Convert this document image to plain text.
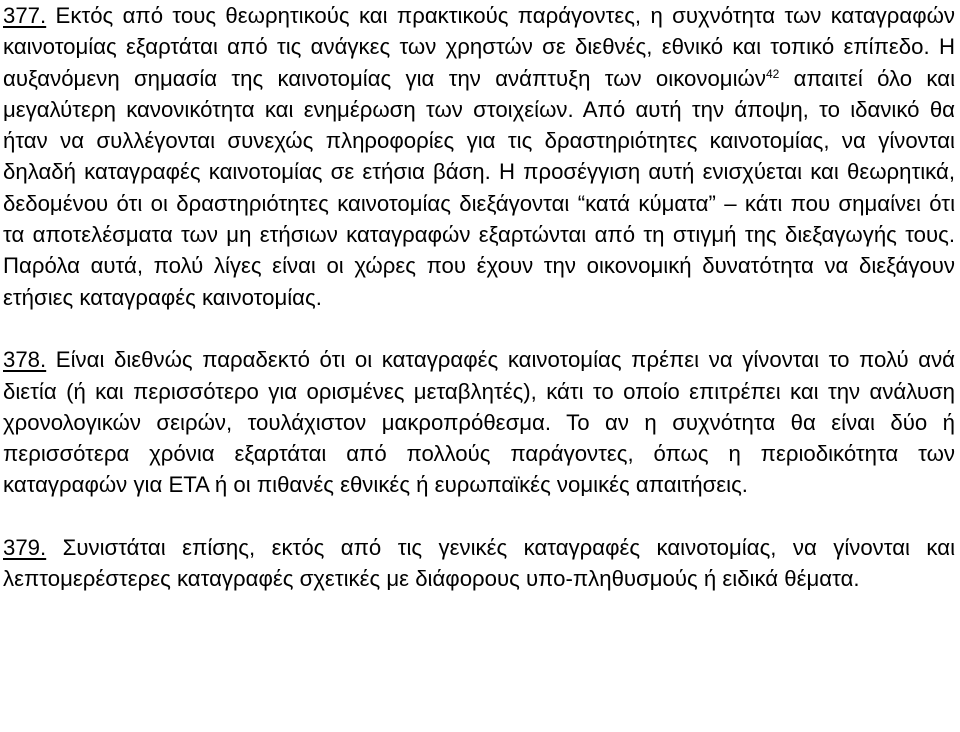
377. Εκτός από τους θεωρητικούς και πρακτικούς παράγοντες, η συχνότητα των καταγραφών καινοτομίας εξαρτάται από τις ανάγκες των χρηστών σε διεθνές, εθνικό και τοπικό επίπεδο. Η αυξανόμενη σημασία της καινοτομίας για την ανάπτυξη των οικονομιών$^{42}$ απαιτεί όλο και μεγαλύτερη κανονικότητα και ενημέρωση των στοιχείων. Από αυτή την άποψη, το ιδανικό θα ήταν να συλλέγονται συνεχώς πληροφορίες για τις δραστηριότητες καινοτομίας, να γίνονται δηλαδή καταγραφές καινοτομίας σε ετήσια βάση. Η προσέγγιση αυτή ενισχύεται και θεωρητικά, δεδομένου ότι οι δραστηριότητες καινοτομίας διεξάγονται “κατά κύματα” – κάτι που σημαίνει ότι τα αποτελέσματα των μη ετήσιων καταγραφών εξαρτώνται από τη στιγμή της διεξαγωγής τους. Παρόλα αυτά, πολύ λίγες είναι οι χώρες που έχουν την οικονομική δυνατότητα να διεξάγουν ετήσιες καταγραφές καινοτομίας.

378. Είναι διεθνώς παραδεκτό ότι οι καταγραφές καινοτομίας πρέπει να γίνονται το πολύ ανά διετία (ή και περισσότερο για ορισμένες μεταβλητές), κάτι το οποίο επιτρέπει και την ανάλυση χρονολογικών σειρών, τουλάχιστον μακροπρόθεσμα. Το αν η συχνότητα θα είναι δύο ή περισσότερα χρόνια εξαρτάται από πολλούς παράγοντες, όπως η περιοδικότητα των καταγραφών για ΕΤΑ ή οι πιθανές εθνικές ή ευρωπαϊκές νομικές απαιτήσεις.

379. Συνιστάται επίσης, εκτός από τις γενικές καταγραφές καινοτομίας, να γίνονται και λεπτομερέστερες καταγραφές σχετικές με διάφορους υπο-πληθυσμούς ή ειδικά θέματα.
